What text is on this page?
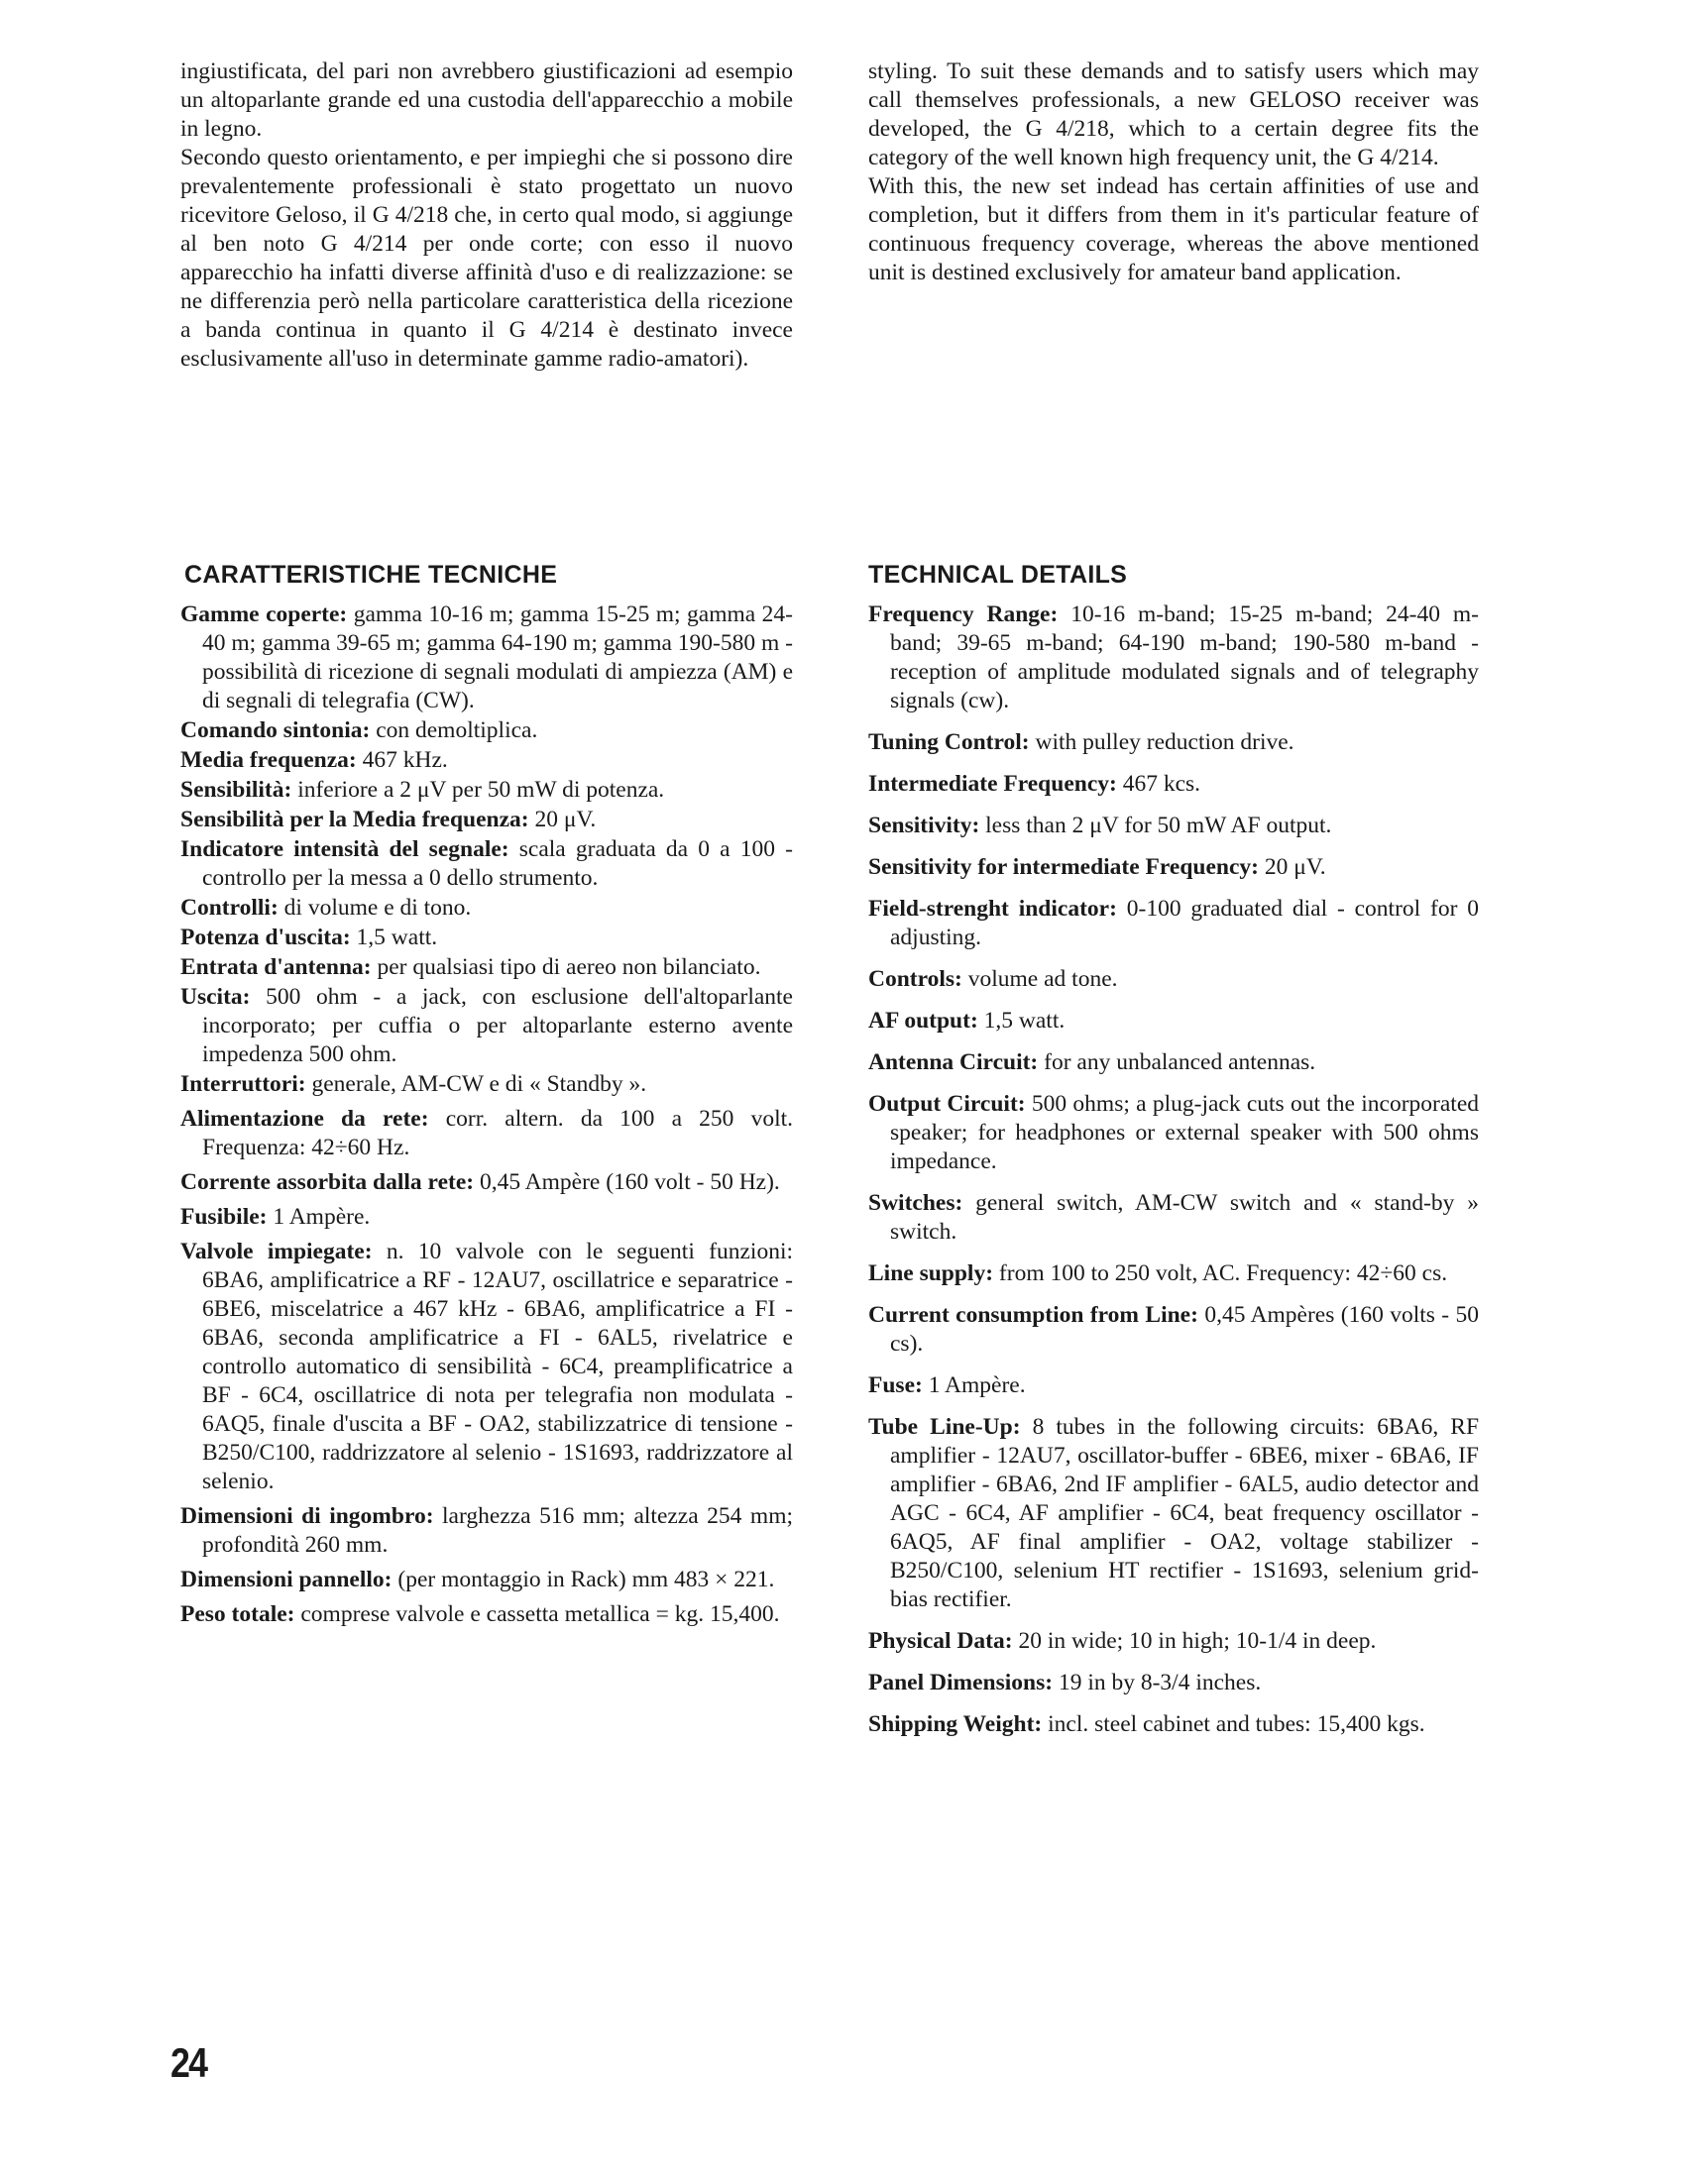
ingiustificata, del pari non avrebbero giustificazioni ad esempio un altoparlante grande ed una custodia dell'apparecchio a mobile in legno.

Secondo questo orientamento, e per impieghi che si possono dire prevalentemente professionali è stato progettato un nuovo ricevitore Geloso, il G 4/218 che, in certo qual modo, si aggiunge al ben noto G 4/214 per onde corte; con esso il nuovo apparecchio ha infatti diverse affinità d'uso e di realizzazione: se ne differenzia però nella particolare caratteristica della ricezione a banda continua in quanto il G 4/214 è destinato invece esclusivamente all'uso in determinate gamme radio-amatori).

styling. To suit these demands and to satisfy users which may call themselves professionals, a new GELOSO receiver was developed, the G 4/218, which to a certain degree fits the category of the well known high frequency unit, the G 4/214.

With this, the new set indead has certain affinities of use and completion, but it differs from them in it's particular feature of continuous frequency coverage, whereas the above mentioned unit is destined exclusively for amateur band application.

CARATTERISTICHE TECNICHE	TECHNICAL DETAILS

Gamme coperte: gamma 10-16 m; gamma 15-25 m; gamma 24-40 m; gamma 39-65 m; gamma 64-190 m; gamma 190-580 m - possibilità di ricezione di segnali modulati di ampiezza (AM) e di segnali di telegrafia (CW).

Comando sintonia: con demoltiplica.

Media frequenza: 467 kHz.

Sensibilità: inferiore a 2 μV per 50 mW di potenza.

Sensibilità per la Media frequenza: 20 μV.

Indicatore intensità del segnale: scala graduata da 0 a 100 - controllo per la messa a 0 dello strumento.

Controlli: di volume e di tono.

Potenza d'uscita: 1,5 watt.

Entrata d'antenna: per qualsiasi tipo di aereo non bilanciato.

Uscita: 500 ohm - a jack, con esclusione dell'altoparlante incorporato; per cuffia o per altoparlante esterno avente impedenza 500 ohm.

Interruttori: generale, AM-CW e di « Standby ».

Alimentazione da rete: corr. altern. da 100 a 250 volt. Frequenza: 42÷60 Hz.

Corrente assorbita dalla rete: 0,45 Ampère (160 volt - 50 Hz).

Fusibile: 1 Ampère.

Valvole impiegate: n. 10 valvole con le seguenti funzioni: 6BA6, amplificatrice a RF - 12AU7, oscillatrice e separatrice - 6BE6, miscelatrice a 467 kHz - 6BA6, amplificatrice a FI - 6BA6, seconda amplificatrice a FI - 6AL5, rivelatrice e controllo automatico di sensibilità - 6C4, preamplificatrice a BF - 6C4, oscillatrice di nota per telegrafia non modulata - 6AQ5, finale d'uscita a BF - OA2, stabilizzatrice di tensione - B250/C100, raddrizzatore al selenio - 1S1693, raddrizzatore al selenio.

Dimensioni di ingombro: larghezza 516 mm; altezza 254 mm; profondità 260 mm.

Dimensioni pannello: (per montaggio in Rack) mm 483 × 221.

Peso totale: comprese valvole e cassetta metallica = kg. 15,400.

Frequency Range: 10-16 m-band; 15-25 m-band; 24-40 m-band; 39-65 m-band; 64-190 m-band; 190-580 m-band - reception of amplitude modulated signals and of telegraphy signals (cw).

Tuning Control: with pulley reduction drive.

Intermediate Frequency: 467 kcs.

Sensitivity: less than 2 μV for 50 mW AF output.

Sensitivity for intermediate Frequency: 20 μV.

Field-strenght indicator: 0-100 graduated dial - control for 0 adjusting.

Controls: volume ad tone.

AF output: 1,5 watt.

Antenna Circuit: for any unbalanced antennas.

Output Circuit: 500 ohms; a plug-jack cuts out the incorporated speaker; for headphones or external speaker with 500 ohms impedance.

Switches: general switch, AM-CW switch and « stand-by » switch.

Line supply: from 100 to 250 volt, AC. Frequency: 42÷60 cs.

Current consumption from Line: 0,45 Ampères (160 volts - 50 cs).

Fuse: 1 Ampère.

Tube Line-Up: 8 tubes in the following circuits: 6BA6, RF amplifier - 12AU7, oscillator-buffer - 6BE6, mixer - 6BA6, IF amplifier - 6BA6, 2nd IF amplifier - 6AL5, audio detector and AGC - 6C4, AF amplifier - 6C4, beat frequency oscillator - 6AQ5, AF final amplifier - OA2, voltage stabilizer - B250/C100, selenium HT rectifier - 1S1693, selenium grid-bias rectifier.

Physical Data: 20 in wide; 10 in high; 10-1/4 in deep.

Panel Dimensions: 19 in by 8-3/4 inches.

Shipping Weight: incl. steel cabinet and tubes: 15,400 kgs.

24
